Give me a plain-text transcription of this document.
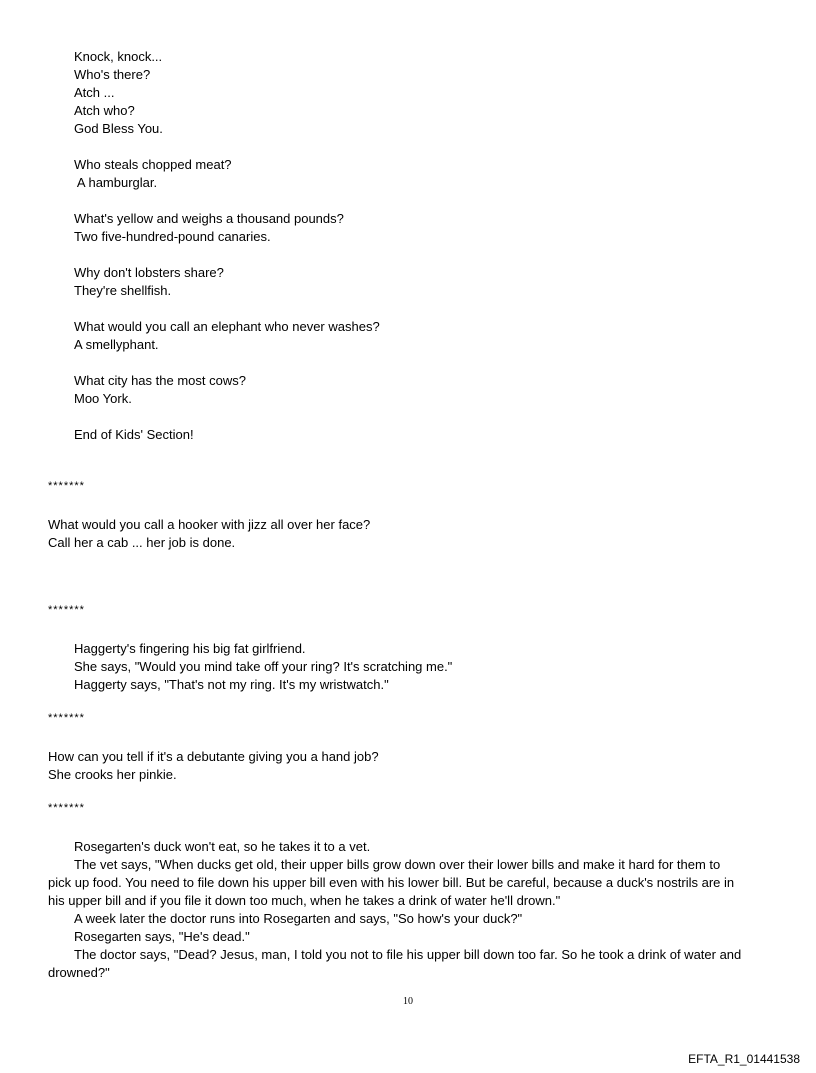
Knock, knock...
Who's there?
Atch ...
Atch who?
God Bless You.
Who steals chopped meat?
A hamburglar.
What's yellow and weighs a thousand pounds?
Two five-hundred-pound canaries.
Why don't lobsters share?
They're shellfish.
What would you call an elephant who never washes?
A smellyphant.
What city has the most cows?
Moo York.
End of Kids' Section!
*******
What would you call a hooker with jizz all over her face?
Call her a cab ... her job is done.
*******
Haggerty's fingering his big fat girlfriend.
She says, "Would you mind take off your ring? It's scratching me."
Haggerty says, "That's not my ring. It's my wristwatch."
*******
How can you tell if it's a debutante giving you a hand job?
She crooks her pinkie.
*******
Rosegarten's duck won't eat, so he takes it to a vet.
The vet says, "When ducks get old, their upper bills grow down over their lower bills and make it hard for them to
pick up food. You need to file down his upper bill even with his lower bill. But be careful, because a duck's nostrils are in
his upper bill and if you file it down too much, when he takes a drink of water he'll drown."
A week later the doctor runs into Rosegarten and says, "So how's your duck?"
Rosegarten says, "He's dead."
The doctor says, "Dead? Jesus, man, I told you not to file his upper bill down too far. So he took a drink of water and
drowned?"
10
EFTA_R1_01441538
